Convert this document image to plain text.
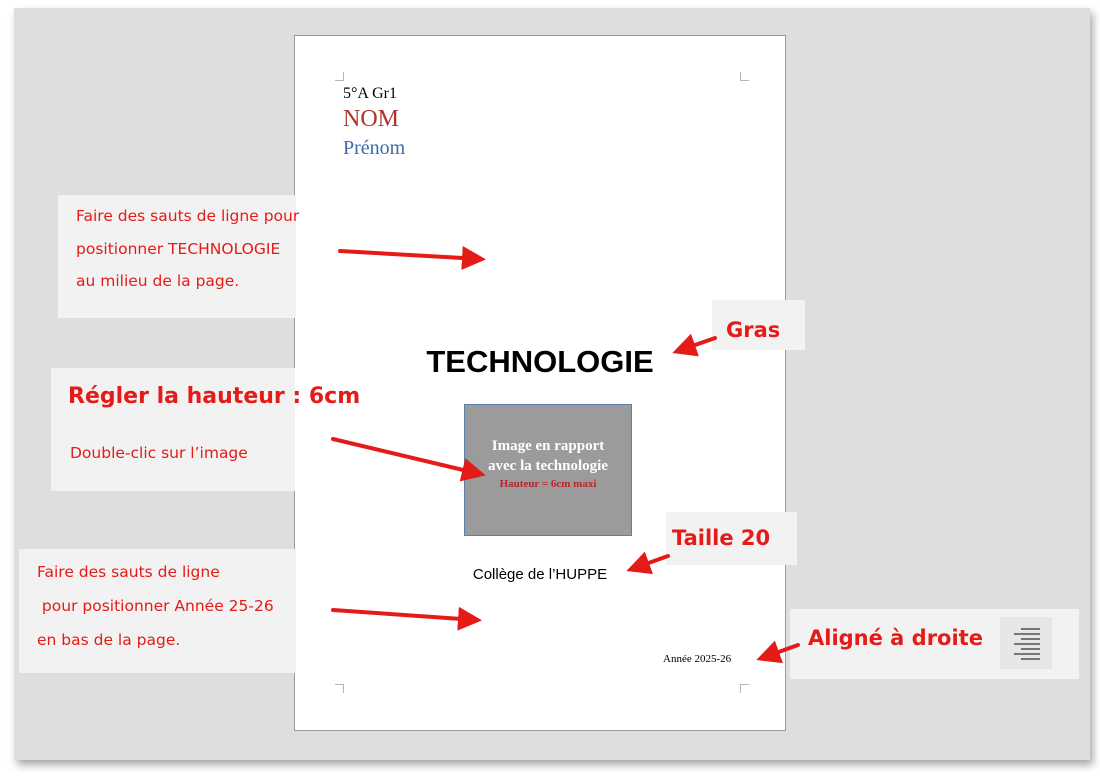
5°A Gr1
NOM
Prénom
TECHNOLOGIE
Image en rapport
avec la technologie
Hauteur = 6cm maxi
Collège de l’HUPPE
Année 2025-26
Faire des sauts de ligne pour
positionner TECHNOLOGIE
au milieu de la page.
Gras
Régler la hauteur : 6cm
Double-clic sur l’image
Taille 20
Faire des sauts de ligne
pour positionner Année 25-26
en bas de la page.	Aligné à droite
